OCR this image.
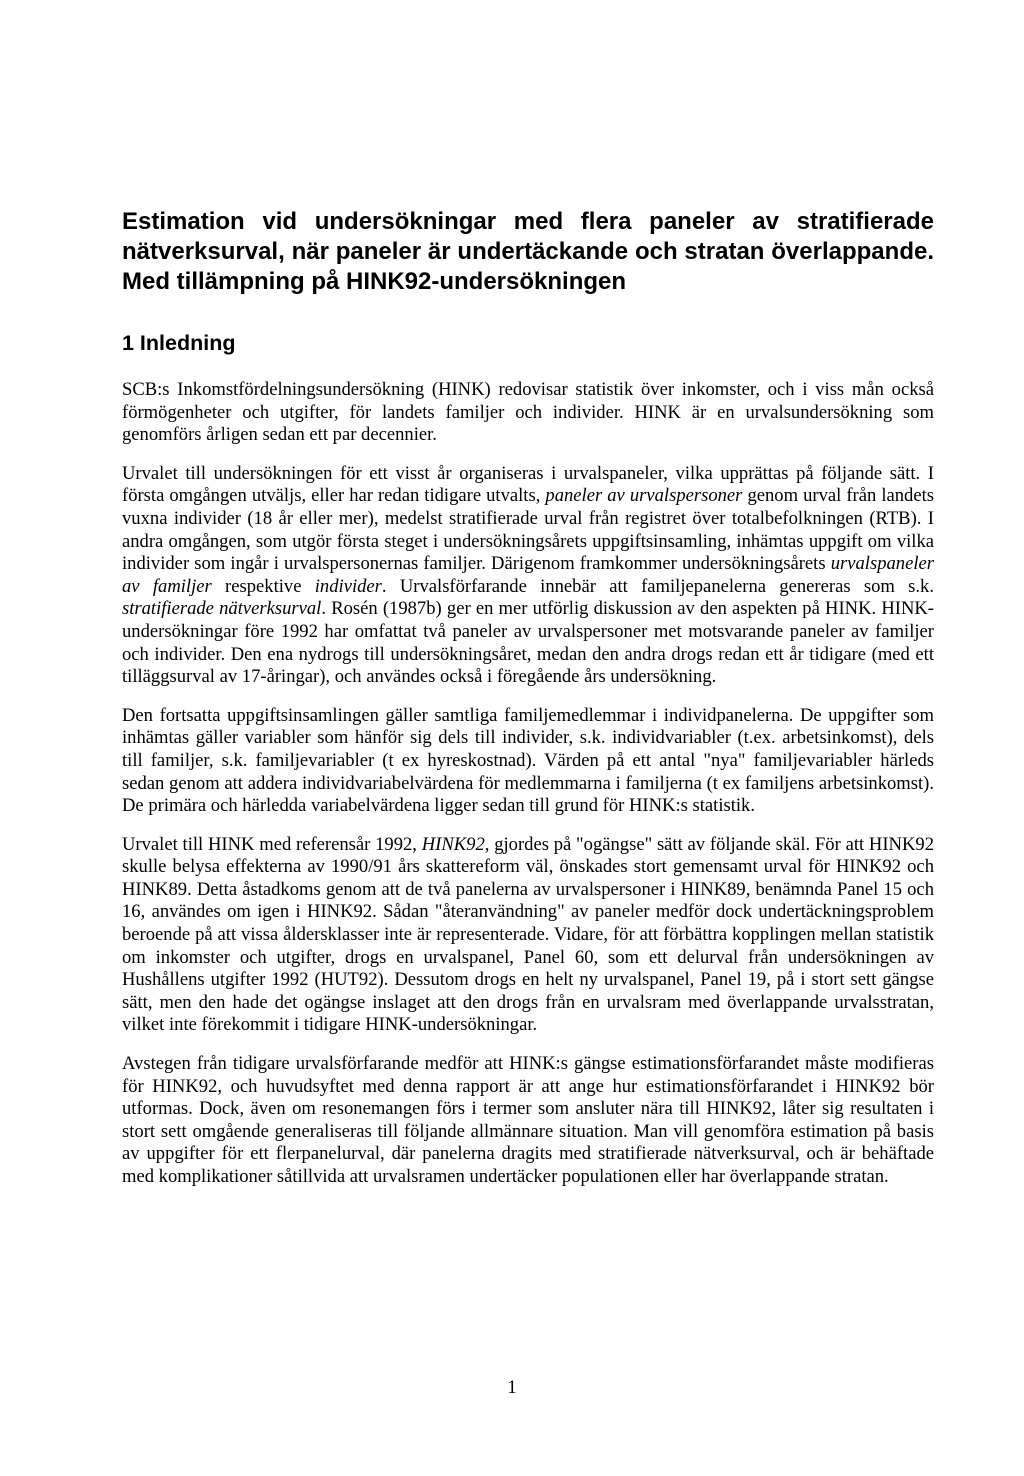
Estimation vid undersökningar med flera paneler av stratifierade nätverksurval, när paneler är undertäckande och stratan överlappande. Med tillämpning på HINK92-undersökningen
1 Inledning

SCB:s Inkomstfördelningsundersökning (HINK) redovisar statistik över inkomster, och i viss mån också förmögenheter och utgifter, för landets familjer och individer. HINK är en urvalsundersökning som genomförs årligen sedan ett par decennier.

Urvalet till undersökningen för ett visst år organiseras i urvalspaneler, vilka upprättas på följande sätt. I första omgången utväljs, eller har redan tidigare utvalts, paneler av urvalspersoner genom urval från landets vuxna individer (18 år eller mer), medelst stratifierade urval från registret över totalbefolkningen (RTB). I andra omgången, som utgör första steget i undersökningsårets uppgiftsinsamling, inhämtas uppgift om vilka individer som ingår i urvalspersonernas familjer. Därigenom framkommer undersökningsårets urvalspaneler av familjer respektive individer. Urvalsförfarande innebär att familjepanelerna genereras som s.k. stratifierade nätverksurval. Rosén (1987b) ger en mer utförlig diskussion av den aspekten på HINK. HINK-undersökningar före 1992 har omfattat två paneler av urvalspersoner met motsvarande paneler av familjer och individer. Den ena nydrogs till undersökningsåret, medan den andra drogs redan ett år tidigare (med ett tilläggsurval av 17-åringar), och användes också i föregående års undersökning.

Den fortsatta uppgiftsinsamlingen gäller samtliga familjemedlemmar i individpanelerna. De uppgifter som inhämtas gäller variabler som hänför sig dels till individer, s.k. individvariabler (t.ex. arbetsinkomst), dels till familjer, s.k. familjevariabler (t ex hyreskostnad). Värden på ett antal "nya" familjevariabler härleds sedan genom att addera individvariabelvärdena för medlemmarna i familjerna (t ex familjens arbetsinkomst). De primära och härledda variabelvärdena ligger sedan till grund för HINK:s statistik.

Urvalet till HINK med referensår 1992, HINK92, gjordes på "ogängse" sätt av följande skäl. För att HINK92 skulle belysa effekterna av 1990/91 års skattereform väl, önskades stort gemensamt urval för HINK92 och HINK89. Detta åstadkoms genom att de två panelerna av urvalspersoner i HINK89, benämnda Panel 15 och 16, användes om igen i HINK92. Sådan "återanvändning" av paneler medför dock undertäckningsproblem beroende på att vissa åldersklasser inte är representerade. Vidare, för att förbättra kopplingen mellan statistik om inkomster och utgifter, drogs en urvalspanel, Panel 60, som ett delurval från undersökningen av Hushållens utgifter 1992 (HUT92). Dessutom drogs en helt ny urvalspanel, Panel 19, på i stort sett gängse sätt, men den hade det ogängse inslaget att den drogs från en urvalsram med överlappande urvalsstratan, vilket inte förekommit i tidigare HINK-undersökningar.

Avstegen från tidigare urvalsförfarande medför att HINK:s gängse estimationsförfarandet måste modifieras för HINK92, och huvudsyftet med denna rapport är att ange hur estimationsförfarandet i HINK92 bör utformas. Dock, även om resonemangen förs i termer som ansluter nära till HINK92, låter sig resultaten i stort sett omgående generaliseras till följande allmännare situation. Man vill genomföra estimation på basis av uppgifter för ett flerpanelurval, där panelerna dragits med stratifierade nätverksurval, och är behäftade med komplikationer såtillvida att urvalsramen undertäcker populationen eller har överlappande stratan.

1
